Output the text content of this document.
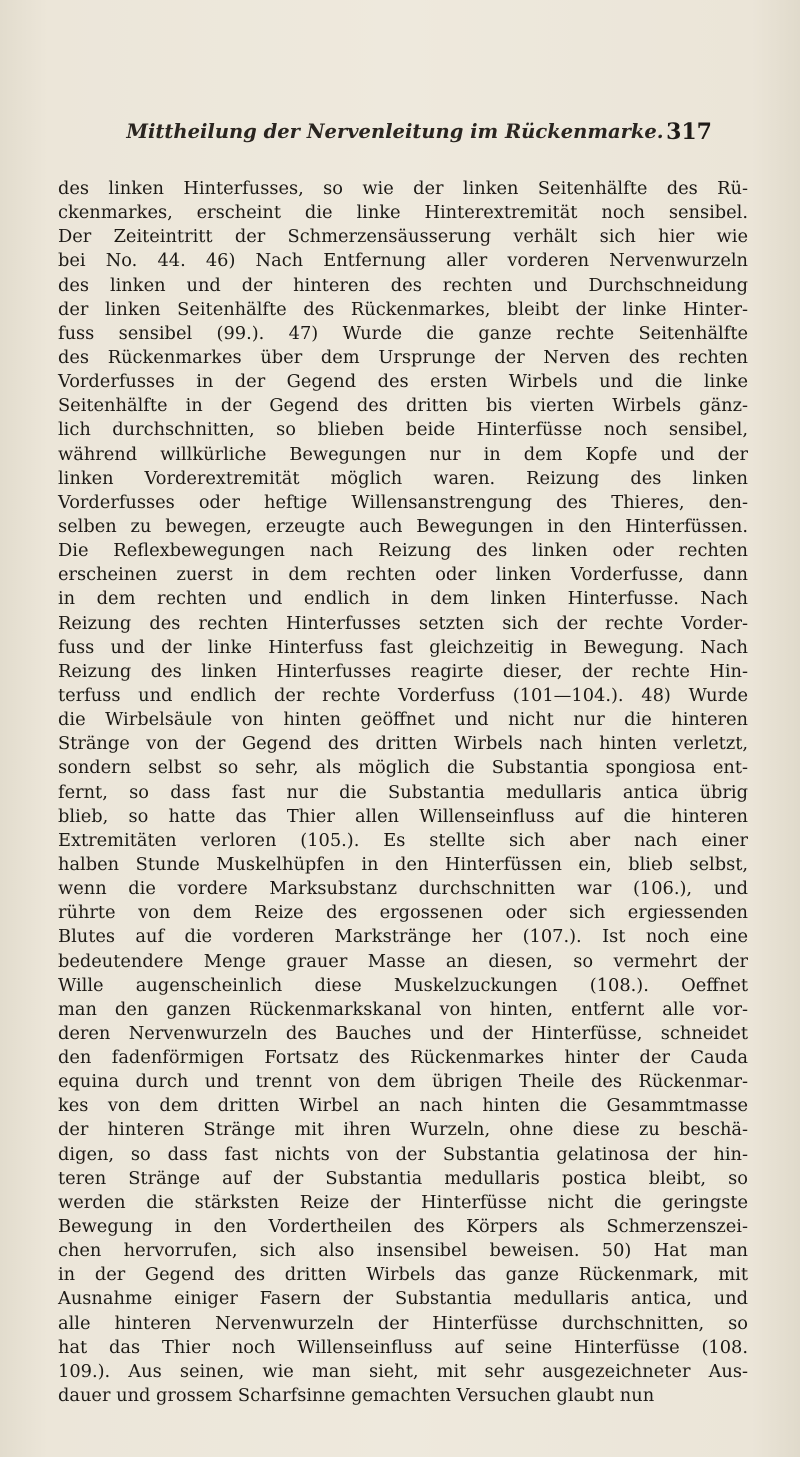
Mittheilung der Nervenleitung im Rückenmarke. 317
des linken Hinterfusses, so wie der linken Seitenhälfte des Rü-
ckenmarkes, erscheint die linke Hinterextremität noch sensibel.
Der Zeiteintritt der Schmerzensäusserung verhält sich hier wie
bei No. 44. 46) Nach Entfernung aller vorderen Nervenwurzeln
des linken und der hinteren des rechten und Durchschneidung
der linken Seitenhälfte des Rückenmarkes, bleibt der linke Hinter-
fuss sensibel (99.). 47) Wurde die ganze rechte Seitenhälfte
des Rückenmarkes über dem Ursprunge der Nerven des rechten
Vorderfusses in der Gegend des ersten Wirbels und die linke
Seitenhälfte in der Gegend des dritten bis vierten Wirbels gänz-
lich durchschnitten, so blieben beide Hinterfüsse noch sensibel,
während willkürliche Bewegungen nur in dem Kopfe und der
linken Vorderextremität möglich waren. Reizung des linken
Vorderfusses oder heftige Willensanstrengung des Thieres, den-
selben zu bewegen, erzeugte auch Bewegungen in den Hinterfüssen.
Die Reflexbewegungen nach Reizung des linken oder rechten
erscheinen zuerst in dem rechten oder linken Vorderfusse, dann
in dem rechten und endlich in dem linken Hinterfusse. Nach
Reizung des rechten Hinterfusses setzten sich der rechte Vorder-
fuss und der linke Hinterfuss fast gleichzeitig in Bewegung. Nach
Reizung des linken Hinterfusses reagirte dieser, der rechte Hin-
terfuss und endlich der rechte Vorderfuss (101—104.). 48) Wurde
die Wirbelsäule von hinten geöffnet und nicht nur die hinteren
Stränge von der Gegend des dritten Wirbels nach hinten verletzt,
sondern selbst so sehr, als möglich die Substantia spongiosa ent-
fernt, so dass fast nur die Substantia medullaris antica übrig
blieb, so hatte das Thier allen Willenseinfluss auf die hinteren
Extremitäten verloren (105.). Es stellte sich aber nach einer
halben Stunde Muskelhüpfen in den Hinterfüssen ein, blieb selbst,
wenn die vordere Marksubstanz durchschnitten war (106.), und
rührte von dem Reize des ergossenen oder sich ergiessenden
Blutes auf die vorderen Markstränge her (107.). Ist noch eine
bedeutendere Menge grauer Masse an diesen, so vermehrt der
Wille augenscheinlich diese Muskelzuckungen (108.). Oeffnet
man den ganzen Rückenmarkskanal von hinten, entfernt alle vor-
deren Nervenwurzeln des Bauches und der Hinterfüsse, schneidet
den fadenförmigen Fortsatz des Rückenmarkes hinter der Cauda
equina durch und trennt von dem übrigen Theile des Rückenmar-
kes von dem dritten Wirbel an nach hinten die Gesammtmasse
der hinteren Stränge mit ihren Wurzeln, ohne diese zu beschä-
digen, so dass fast nichts von der Substantia gelatinosa der hin-
teren Stränge auf der Substantia medullaris postica bleibt, so
werden die stärksten Reize der Hinterfüsse nicht die geringste
Bewegung in den Vordertheilen des Körpers als Schmerzenszei-
chen hervorrufen, sich also insensibel beweisen. 50) Hat man
in der Gegend des dritten Wirbels das ganze Rückenmark, mit
Ausnahme einiger Fasern der Substantia medullaris antica, und
alle hinteren Nervenwurzeln der Hinterfüsse durchschnitten, so
hat das Thier noch Willenseinfluss auf seine Hinterfüsse (108.
109.). Aus seinen, wie man sieht, mit sehr ausgezeichneter Aus-
dauer und grossem Scharfsinne gemachten Versuchen glaubt nun
